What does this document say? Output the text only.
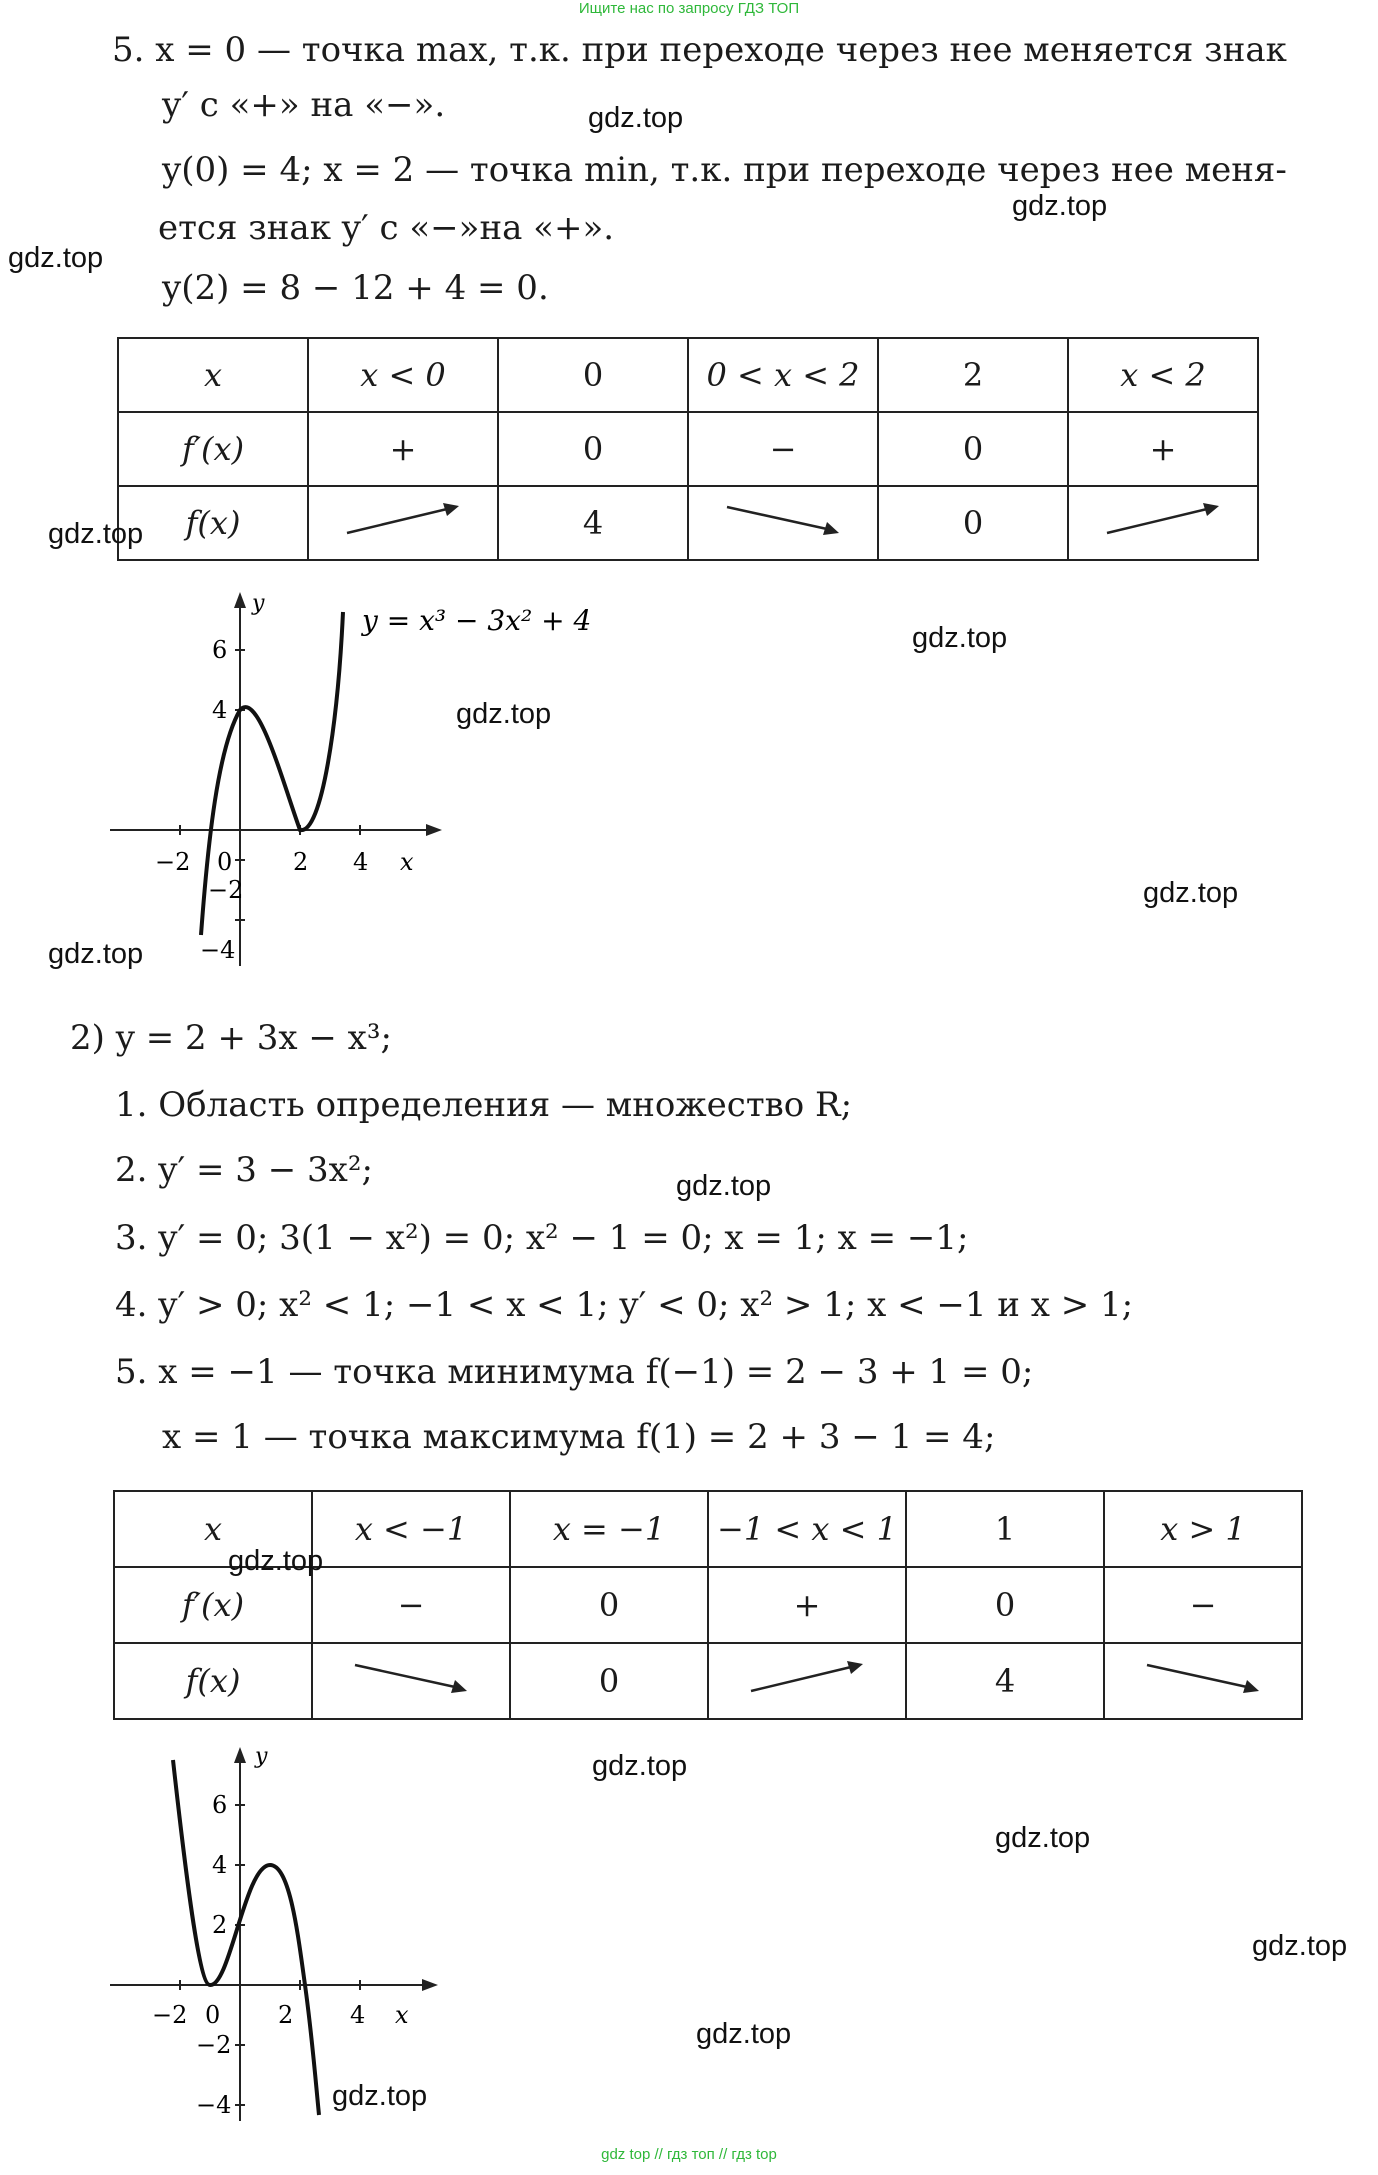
Ищите нас по запросу ГДЗ ТОП
5. x = 0 — точка max, т.к. при переходе через нее меняется знак
y′ с «+» на «−».
y(0) = 4; x = 2 — точка min, т.к. при переходе через нее меня-
ется знак y′ с «−»на «+».
y(2) = 8 − 12 + 4 = 0.
x	x < 0	0	0 < x < 2	2	x < 2
f′(x)	+	0	−	0	+
f(x)		4		0	
y = x³ − 3x² + 4
y
x
−2 0	2 4
6
4
−2
−4
2) y = 2 + 3x − x³;
1. Область определения — множество R;
2. y′ = 3 − 3x²;
3. y′ = 0; 3(1 − x²) = 0; x² − 1 = 0; x = 1; x = −1;
4. y′ > 0; x² < 1; −1 < x < 1; y′ < 0; x² > 1; x < −1 и x > 1;
5. x = −1 — точка минимума f(−1) = 2 − 3 + 1 = 0;
x = 1 — точка максимума f(1) = 2 + 3 − 1 = 4;
x	x < −1	x = −1	−1 < x < 1	1	x > 1
f′(x)	−	0	+	0	−
f(x)		0		4	
y
x
−2 0 2 4
6
4
2
−2
−4
gdz.top
gdz.top
gdz.top
gdz.top
gdz.top
gdz.top
gdz.top
gdz.top
gdz.top
gdz.top
gdz.top
gdz.top
gdz.top
gdz.top
gdz.top
gdz top // гдз топ // гдз top
